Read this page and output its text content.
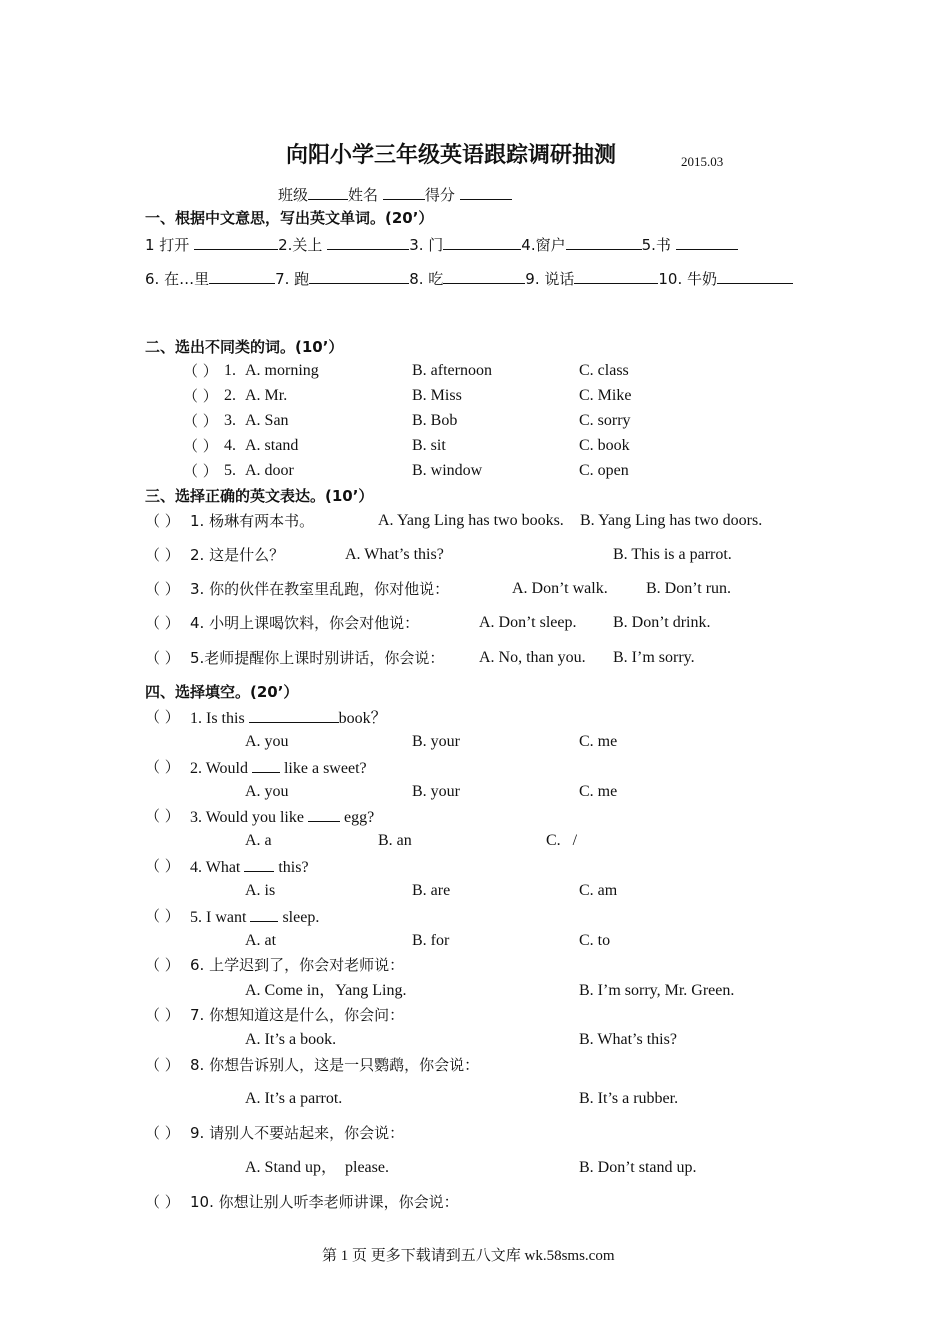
向阳小学三年级英语跟踪调研抽测	2015.03
班级	姓名	得分
一、根据中文意思，写出英文单词。(20’）
1 打开	2.关上	3. 门	4.窗户	5.书
6. 在…里	7. 跑	8. 吃	9. 说话	10. 牛奶
二、选出不同类的词。(10’）
（ ） 1. A. morning	B. afternoon	C. class
（ ） 2. A. Mr.	B. Miss	C. Mike
（ ） 3. A. San	B. Bob	C. sorry
（ ） 4. A. stand	B. sit	C. book
（ ） 5. A. door	B. window	C. open
三、选择正确的英文表达。(10’）
（ ） 1. 杨琳有两本书。	A. Yang Ling has two books. B. Yang Ling has two doors.
（ ） 2. 这是什么？	A. What’s this?	B. This is a parrot.
（ ） 3. 你的伙伴在教室里乱跑，你对他说：	A. Don’t walk. B. Don’t run.
（ ） 4. 小明上课喝饮料，你会对他说：	A. Don’t sleep. B. Don’t drink.
（ ） 5.老师提醒你上课时别讲话，你会说： A. No, than you. B. I’m sorry.
四、选择填空。(20’）
（ ） 1. Is this	book？
A. you	B. your	C. me
（ ） 2. Would like a sweet?
A. you	B. your	C. me
（ ） 3. Would you like	egg?
A. a	B. an	C.   /
（ ） 4. What this?
A. is	B. are	C. am
（ ） 5. I want sleep.
A. at	B. for	C. to
（ ） 6. 上学迟到了，你会对老师说：
A. Come in，Yang Ling.	B. I’m sorry, Mr. Green.
（ ） 7. 你想知道这是什么，你会问：
A. It’s a book.	B. What’s this?
（ ） 8. 你想告诉别人，这是一只鹦鹉，你会说：
A. It’s a parrot.	B. It’s a rubber.
（ ） 9. 请别人不要站起来，你会说：
A. Stand up，  please.	B. Don’t stand up.
（ ） 10. 你想让别人听李老师讲课，你会说：
第 1 页 更多下载请到五八文库 wk.58sms.com
